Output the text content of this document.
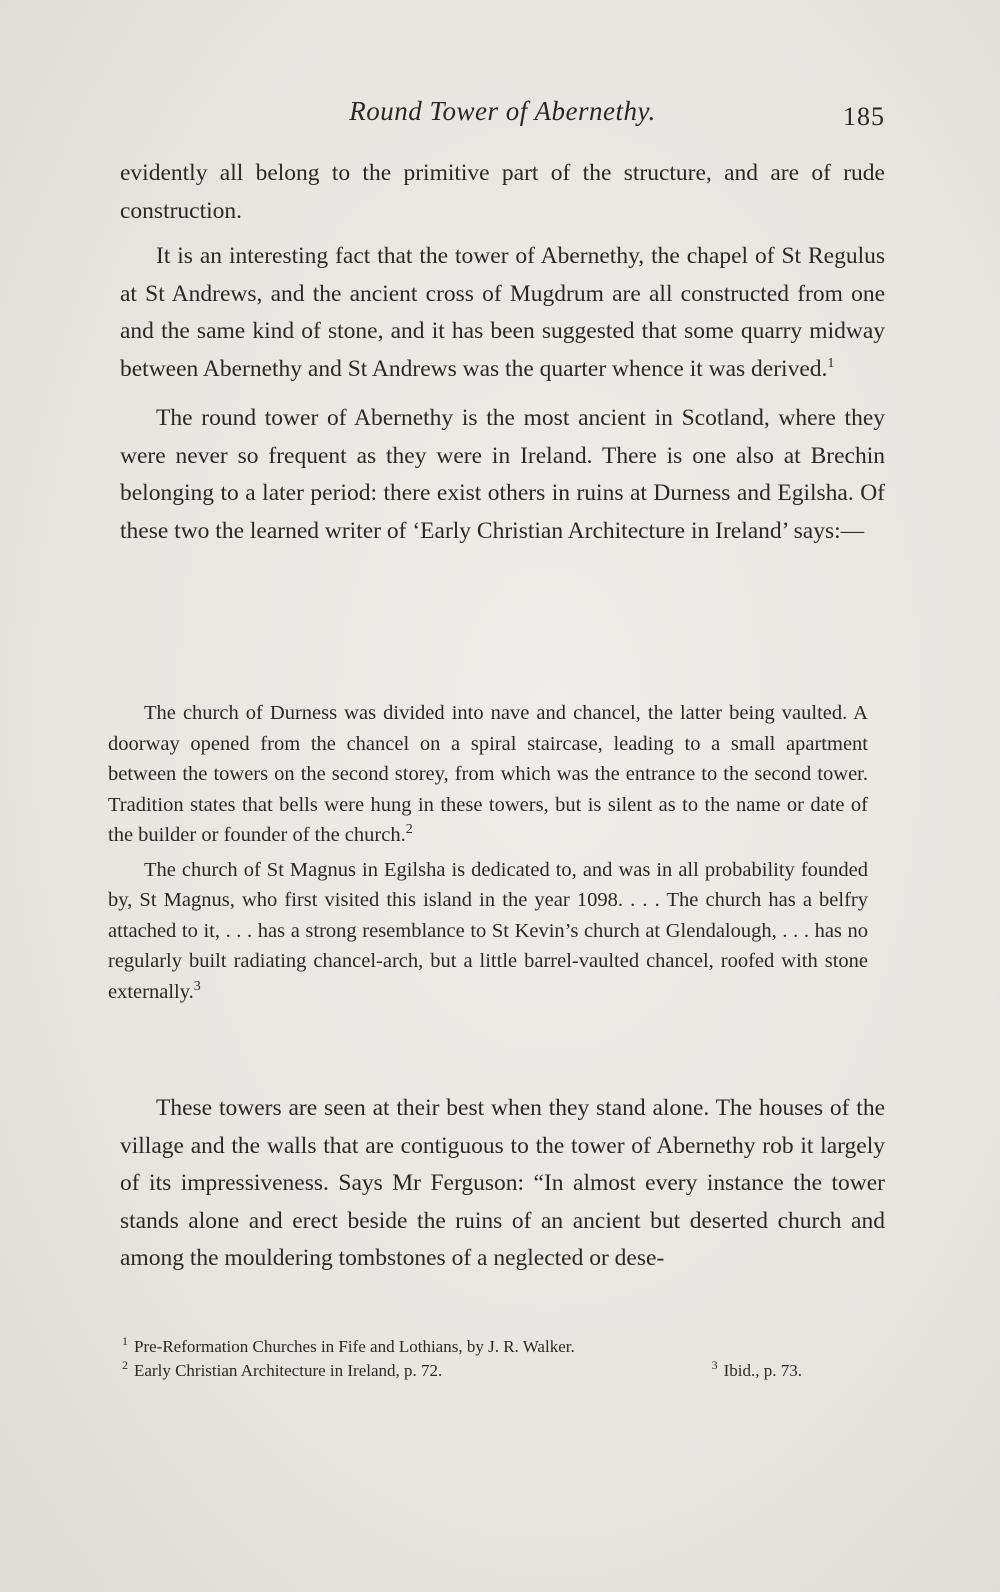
Round Tower of Abernethy.	185

evidently all belong to the primitive part of the structure, and are of rude construction.

It is an interesting fact that the tower of Abernethy, the chapel of St Regulus at St Andrews, and the ancient cross of Mugdrum are all constructed from one and the same kind of stone, and it has been suggested that some quarry midway between Abernethy and St Andrews was the quarter whence it was derived.$^1$

The round tower of Abernethy is the most ancient in Scotland, where they were never so frequent as they were in Ireland. There is one also at Brechin belonging to a later period: there exist others in ruins at Durness and Egilsha. Of these two the learned writer of ‘Early Christian Architecture in Ireland’ says:—

The church of Durness was divided into nave and chancel, the latter being vaulted. A doorway opened from the chancel on a spiral staircase, leading to a small apartment between the towers on the second storey, from which was the entrance to the second tower. Tradition states that bells were hung in these towers, but is silent as to the name or date of the builder or founder of the church.$^2$

The church of St Magnus in Egilsha is dedicated to, and was in all probability founded by, St Magnus, who first visited this island in the year 1098. . . . The church has a belfry attached to it, . . . has a strong resemblance to St Kevin’s church at Glendalough, . . . has no regularly built radiating chancel-arch, but a little barrel-vaulted chancel, roofed with stone externally.$^3$

These towers are seen at their best when they stand alone. The houses of the village and the walls that are contiguous to the tower of Abernethy rob it largely of its impressiveness. Says Mr Ferguson: “In almost every instance the tower stands alone and erect beside the ruins of an ancient but deserted church and among the mouldering tombstones of a neglected or dese-

$^1$ Pre-Reformation Churches in Fife and Lothians, by J. R. Walker.
$^2$ Early Christian Architecture in Ireland, p. 72.	$^3$ Ibid., p. 73.
